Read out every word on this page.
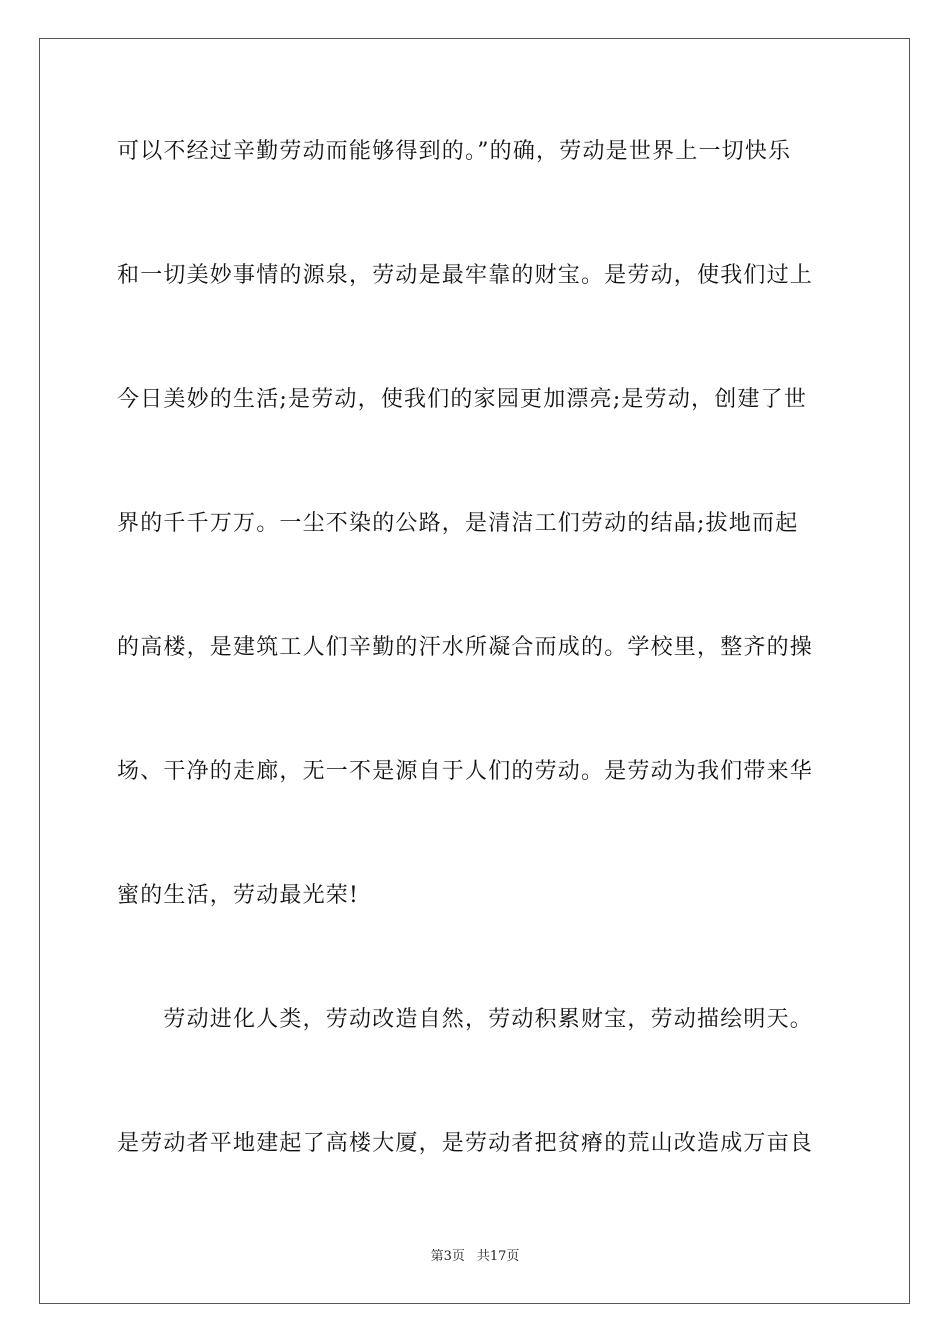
可以不经过辛勤劳动而能够得到的。”的确，劳动是世界上一切快乐
和一切美妙事情的源泉，劳动是最牢靠的财宝。是劳动，使我们过上
今日美妙的生活;是劳动，使我们的家园更加漂亮;是劳动，创建了世
界的千千万万。一尘不染的公路，是清洁工们劳动的结晶;拔地而起
的高楼，是建筑工人们辛勤的汗水所凝合而成的。学校里，整齐的操
场、干净的走廊，无一不是源自于人们的劳动。是劳动为我们带来华
蜜的生活，劳动最光荣!
　　劳动进化人类，劳动改造自然，劳动积累财宝，劳动描绘明天。
是劳动者平地建起了高楼大厦，是劳动者把贫瘠的荒山改造成万亩良
第3页 共17页
